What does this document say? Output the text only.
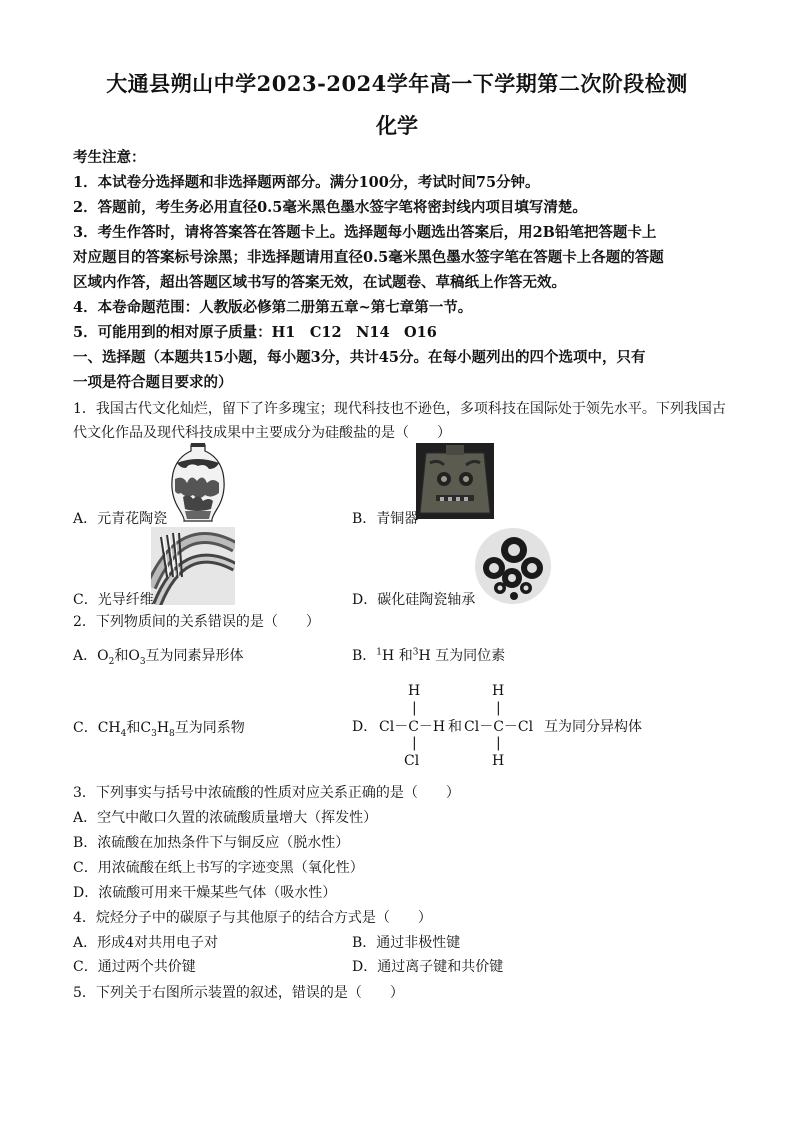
大通县朔山中学2023-2024学年高一下学期第二次阶段检测
化学
考生注意：
1．本试卷分选择题和非选择题两部分。满分100分，考试时间75分钟。
2．答题前，考生务必用直径0.5毫米黑色墨水签字笔将密封线内项目填写清楚。
3．考生作答时，请将答案答在答题卡上。选择题每小题选出答案后，用2B铅笔把答题卡上
对应题目的答案标号涂黑；非选择题请用直径0.5毫米黑色墨水签字笔在答题卡上各题的答题
区域内作答，超出答题区域书写的答案无效，在试题卷、草稿纸上作答无效。
4．本卷命题范围：人教版必修第二册第五章~第七章第一节。
5．可能用到的相对原子质量：H1　C12　N14　O16
一、选择题（本题共15小题，每小题3分，共计45分。在每小题列出的四个选项中，只有
一项是符合题目要求的）
1．我国古代文化灿烂，留下了许多瑰宝；现代科技也不逊色，多项科技在国际处于领先水平。下列我国古
代文化作品及现代科技成果中主要成分为硅酸盐的是（　　）
A．元青花陶瓷	B．青铜器
C．光导纤维	D．碳化硅陶瓷轴承
2．下列物质间的关系错误的是（　　）
A．$O_2$和$O_3$互为同素异形体	B．$^1$H 和$^3$H 互为同位素
C．$CH_4$和$C_3H_8$互为同系物	D．
H	H
|	|
Cl－C－H 和 Cl－C－Cl 互为同分异构体
|	|
Cl	H
3．下列事实与括号中浓硫酸的性质对应关系正确的是（　　）
A．空气中敞口久置的浓硫酸质量增大（挥发性）
B．浓硫酸在加热条件下与铜反应（脱水性）
C．用浓硫酸在纸上书写的字迹变黑（氧化性）
D．浓硫酸可用来干燥某些气体（吸水性）
4．烷烃分子中的碳原子与其他原子的结合方式是（　　）
A．形成4对共用电子对	B．通过非极性键
C．通过两个共价键	D．通过离子键和共价键
5．下列关于右图所示装置的叙述，错误的是（　　）
